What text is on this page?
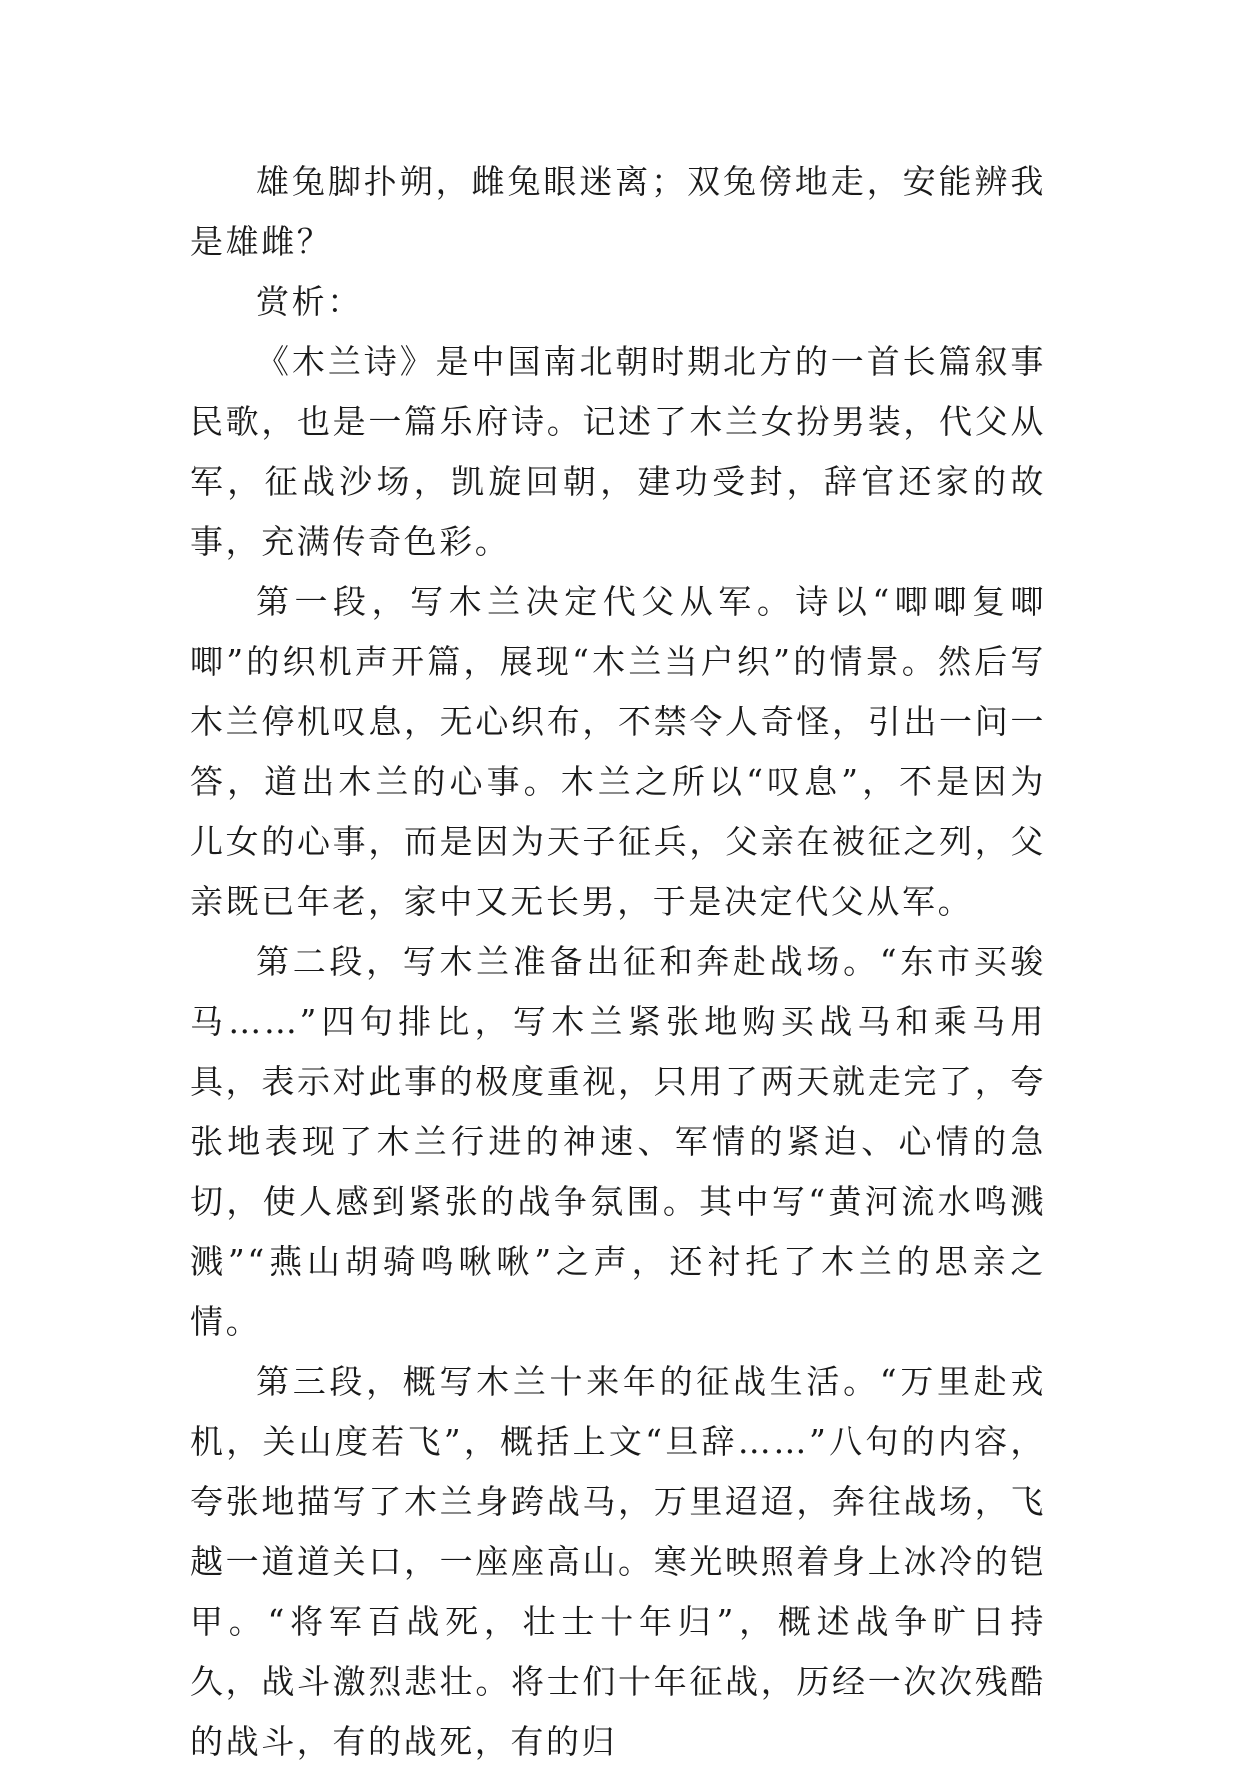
雄兔脚扑朔，雌兔眼迷离；双兔傍地走，安能辨我是雄雌？

赏析：

《木兰诗》是中国南北朝时期北方的一首长篇叙事民歌，也是一篇乐府诗。记述了木兰女扮男装，代父从军，征战沙场，凯旋回朝，建功受封，辞官还家的故事，充满传奇色彩。

第一段，写木兰决定代父从军。诗以“唧唧复唧唧”的织机声开篇，展现“木兰当户织”的情景。然后写木兰停机叹息，无心织布，不禁令人奇怪，引出一问一答，道出木兰的心事。木兰之所以“叹息”，不是因为儿女的心事，而是因为天子征兵，父亲在被征之列，父亲既已年老，家中又无长男，于是决定代父从军。

第二段，写木兰准备出征和奔赴战场。“东市买骏马……”四句排比，写木兰紧张地购买战马和乘马用具，表示对此事的极度重视，只用了两天就走完了，夸张地表现了木兰行进的神速、军情的紧迫、心情的急切，使人感到紧张的战争氛围。其中写“黄河流水鸣溅溅”“燕山胡骑鸣啾啾”之声，还衬托了木兰的思亲之情。

第三段，概写木兰十来年的征战生活。“万里赴戎机，关山度若飞”，概括上文“旦辞……”八句的内容，夸张地描写了木兰身跨战马，万里迢迢，奔往战场，飞越一道道关口，一座座高山。寒光映照着身上冰冷的铠甲。“将军百战死，壮士十年归”，概述战争旷日持久，战斗激烈悲壮。将士们十年征战，历经一次次残酷的战斗，有的战死，有的归
